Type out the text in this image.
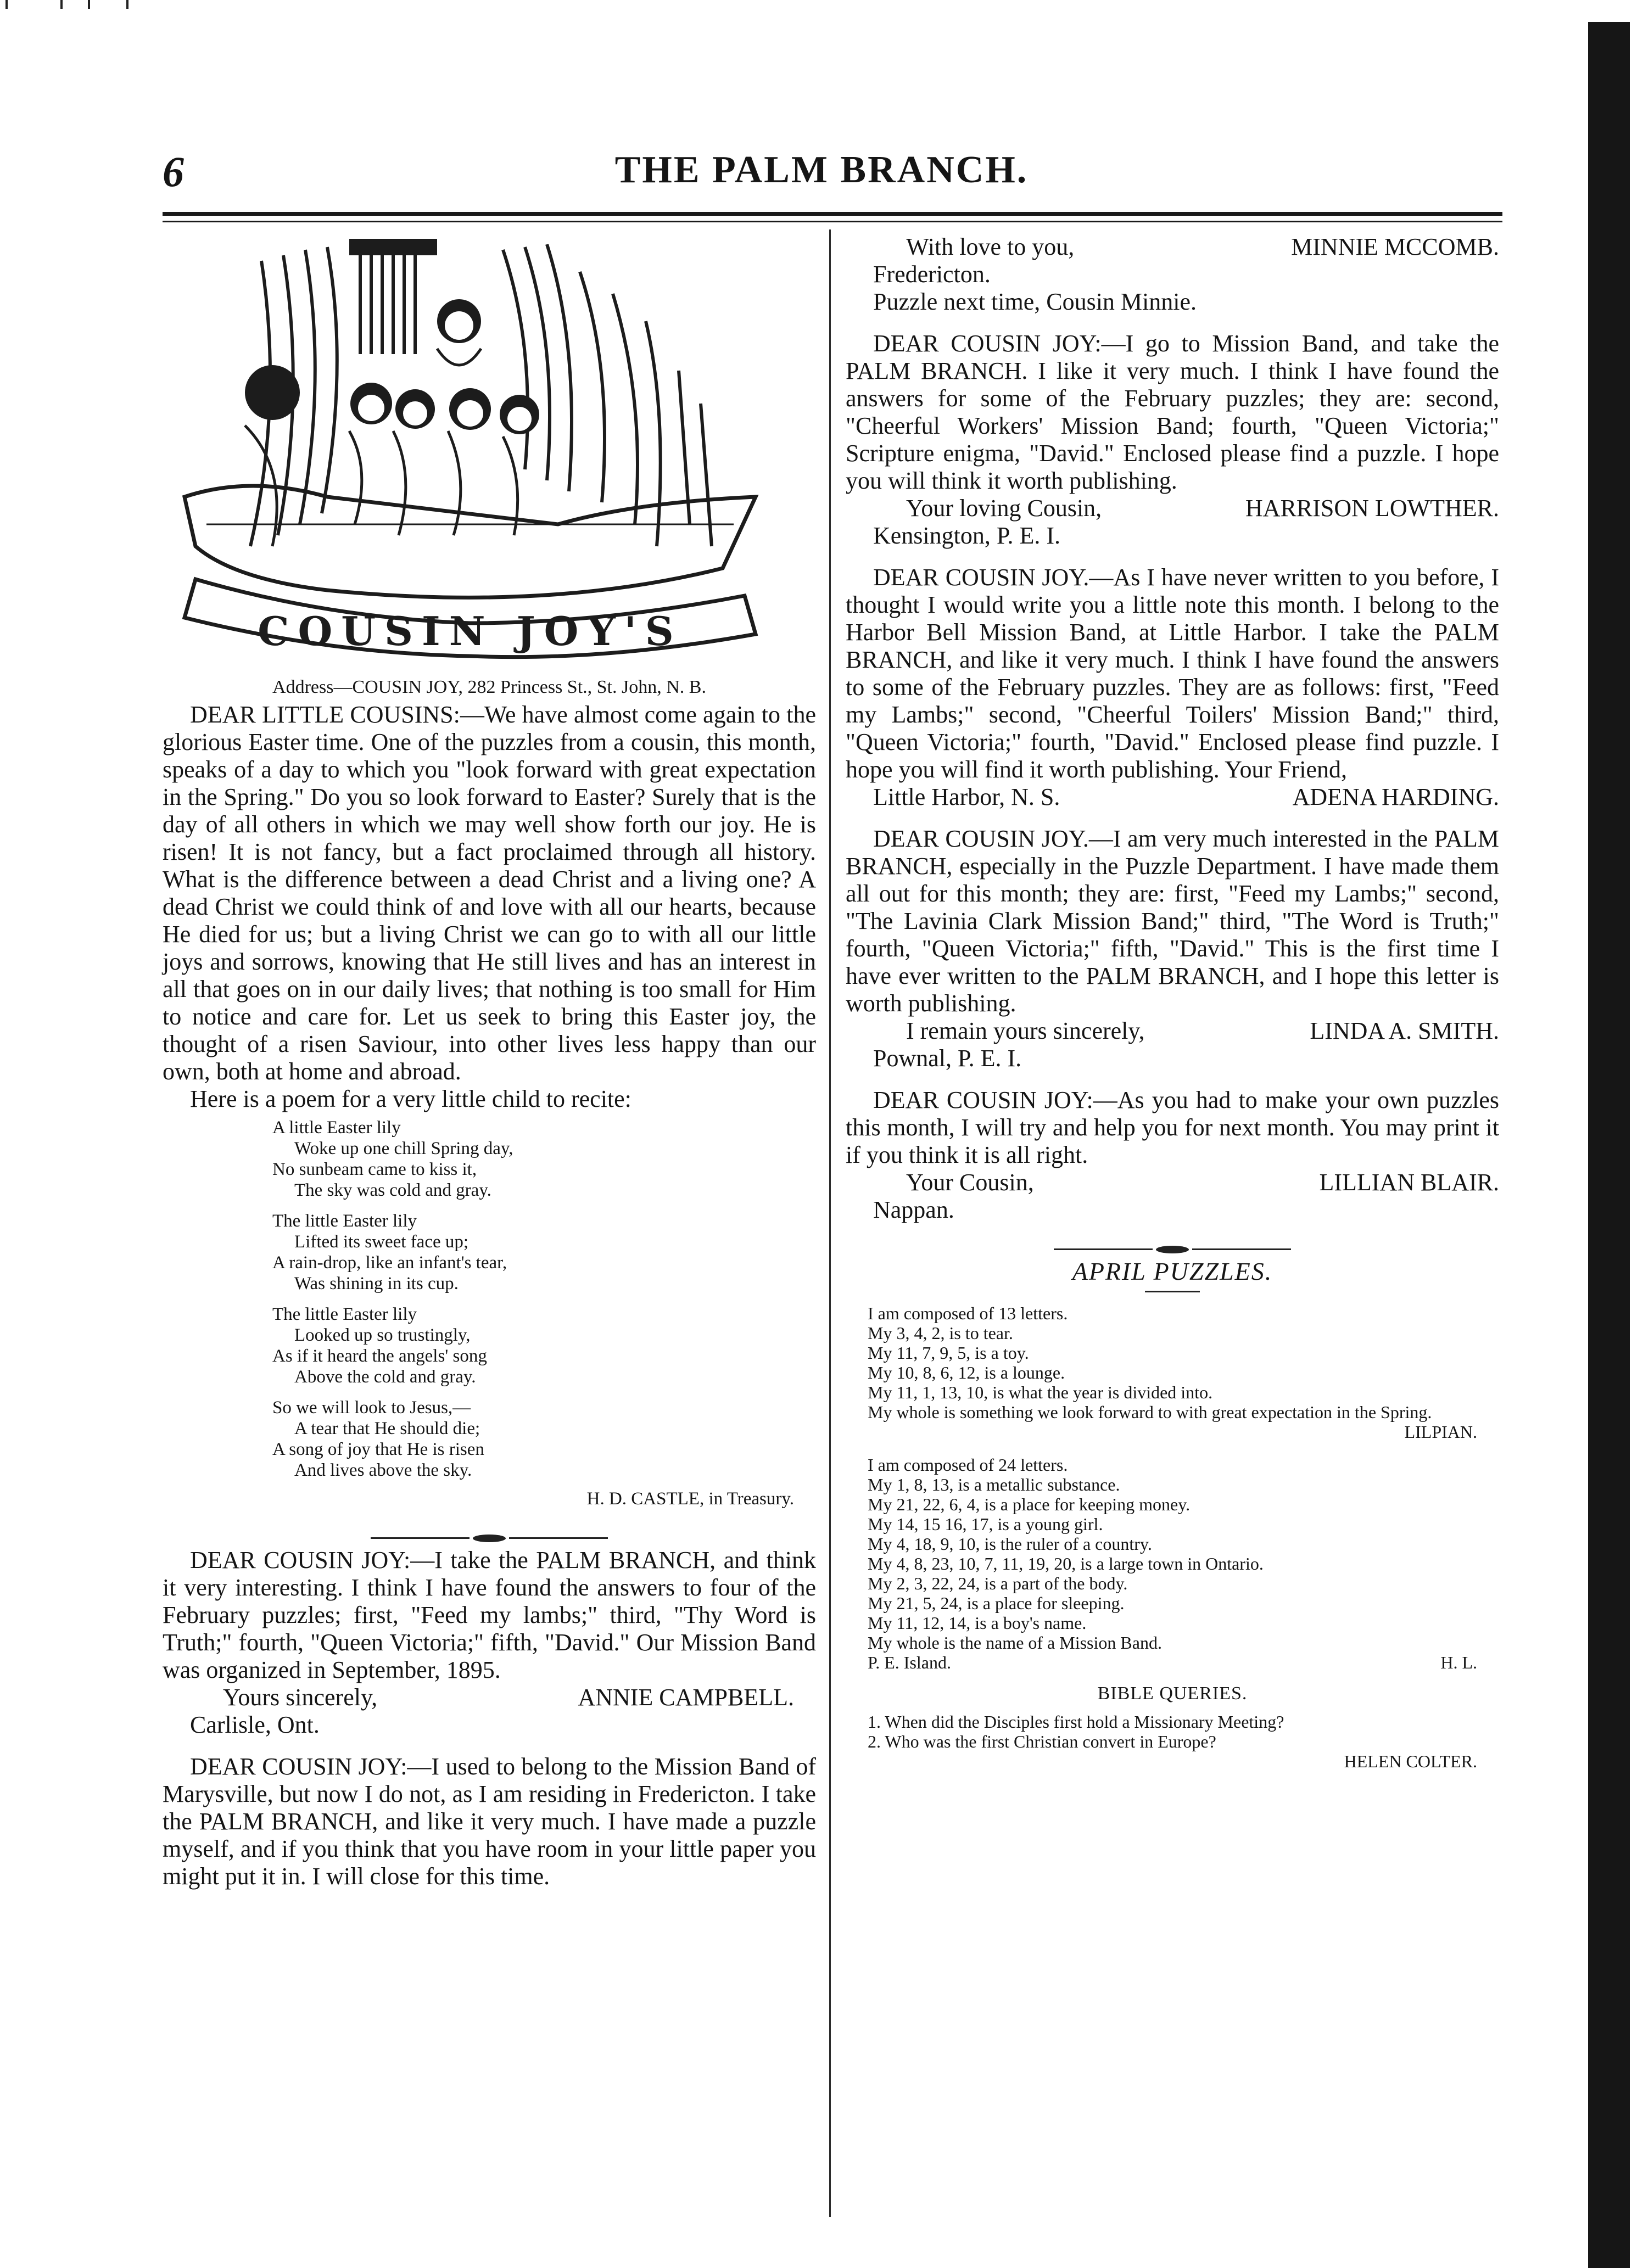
6	THE PALM BRANCH.
COUSIN JOY'S

Address—COUSIN JOY, 282 Princess St., St. John, N. B.

DEAR LITTLE COUSINS:—We have almost come again to the glorious Easter time. One of the puzzles from a cousin, this month, speaks of a day to which you "look forward with great expectation in the Spring." Do you so look forward to Easter? Surely that is the day of all others in which we may well show forth our joy. He is risen! It is not fancy, but a fact proclaimed through all history. What is the difference between a dead Christ and a living one? A dead Christ we could think of and love with all our hearts, because He died for us; but a living Christ we can go to with all our little joys and sorrows, knowing that He still lives and has an interest in all that goes on in our daily lives; that nothing is too small for Him to notice and care for. Let us seek to bring this Easter joy, the thought of a risen Saviour, into other lives less happy than our own, both at home and abroad.

Here is a poem for a very little child to recite:

A little Easter lily
Woke up one chill Spring day,
No sunbeam came to kiss it,
The sky was cold and gray.
The little Easter lily
Lifted its sweet face up;
A rain-drop, like an infant's tear,
Was shining in its cup.
The little Easter lily
Looked up so trustingly,
As if it heard the angels' song
Above the cold and gray.
So we will look to Jesus,—
A tear that He should die;
A song of joy that He is risen
And lives above the sky.
H. D. CASTLE, in Treasury.

DEAR COUSIN JOY:—I take the PALM BRANCH, and think it very interesting. I think I have found the answers to four of the February puzzles; first, "Feed my lambs;" third, "Thy Word is Truth;" fourth, "Queen Victoria;" fifth, "David." Our Mission Band was organized in September, 1895.

Yours sincerely,	ANNIE CAMPBELL.

Carlisle, Ont.

DEAR COUSIN JOY:—I used to belong to the Mission Band of Marysville, but now I do not, as I am residing in Fredericton. I take the PALM BRANCH, and like it very much. I have made a puzzle myself, and if you think that you have room in your little paper you might put it in. I will close for this time.

With love to you,	MINNIE MCCOMB.

Fredericton.

Puzzle next time, Cousin Minnie.

DEAR COUSIN JOY:—I go to Mission Band, and take the PALM BRANCH. I like it very much. I think I have found the answers for some of the February puzzles; they are: second, "Cheerful Workers' Mission Band; fourth, "Queen Victoria;" Scripture enigma, "David." Enclosed please find a puzzle. I hope you will think it worth publishing.

Your loving Cousin,	HARRISON LOWTHER.

Kensington, P. E. I.

DEAR COUSIN JOY.—As I have never written to you before, I thought I would write you a little note this month. I belong to the Harbor Bell Mission Band, at Little Harbor. I take the PALM BRANCH, and like it very much. I think I have found the answers to some of the February puzzles. They are as follows: first, "Feed my Lambs;" second, "Cheerful Toilers' Mission Band;" third, "Queen Victoria;" fourth, "David." Enclosed please find puzzle. I hope you will find it worth publishing. Your Friend,

Little Harbor, N. S.	ADENA HARDING.

DEAR COUSIN JOY.—I am very much interested in the PALM BRANCH, especially in the Puzzle Department. I have made them all out for this month; they are: first, "Feed my Lambs;" second, "The Lavinia Clark Mission Band;" third, "The Word is Truth;" fourth, "Queen Victoria;" fifth, "David." This is the first time I have ever written to the PALM BRANCH, and I hope this letter is worth publishing.

I remain yours sincerely,	LINDA A. SMITH.

Pownal, P. E. I.

DEAR COUSIN JOY:—As you had to make your own puzzles this month, I will try and help you for next month. You may print it if you think it is all right.

Your Cousin,	LILLIAN BLAIR.

Nappan.

APRIL PUZZLES.
I am composed of 13 letters.
My 3, 4, 2, is to tear.
My 11, 7, 9, 5, is a toy.
My 10, 8, 6, 12, is a lounge.
My 11, 1, 13, 10, is what the year is divided into.
My whole is something we look forward to with great expectation in the Spring.
LILPIAN.
I am composed of 24 letters.
My 1, 8, 13, is a metallic substance.
My 21, 22, 6, 4, is a place for keeping money.
My 14, 15 16, 17, is a young girl.
My 4, 18, 9, 10, is the ruler of a country.
My 4, 8, 23, 10, 7, 11, 19, 20, is a large town in Ontario.
My 2, 3, 22, 24, is a part of the body.
My 21, 5, 24, is a place for sleeping.
My 11, 12, 14, is a boy's name.
My whole is the name of a Mission Band.
P. E. Island.	H. L.
BIBLE QUERIES.
1. When did the Disciples first hold a Missionary Meeting?
2. Who was the first Christian convert in Europe?
HELEN COLTER.
